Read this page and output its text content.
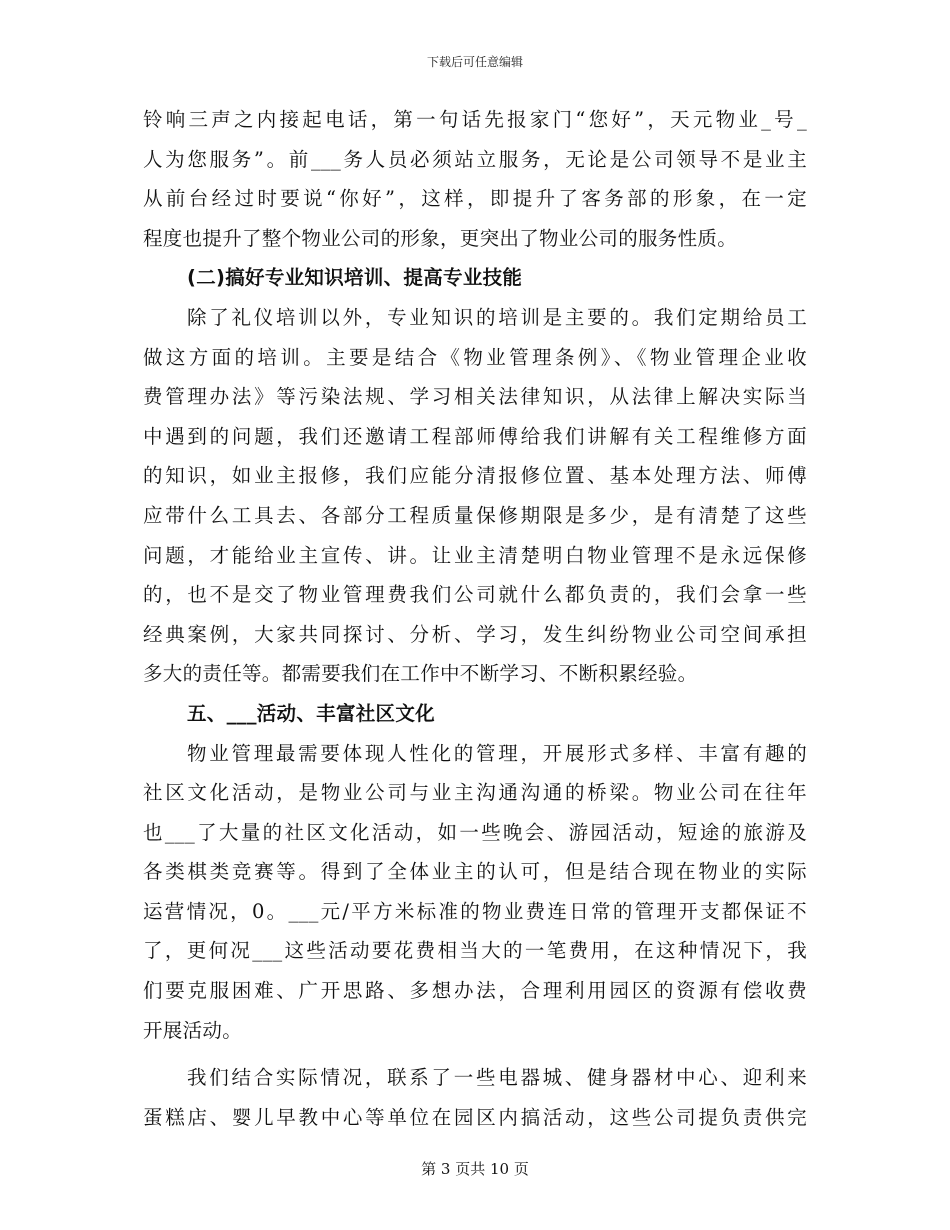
下载后可任意编辑
铃响三声之内接起电话，第一句话先报家门“您好”，天元物业_号_
人为您服务”。前___务人员必须站立服务，无论是公司领导不是业主
从前台经过时要说“你好”，这样，即提升了客务部的形象，在一定
程度也提升了整个物业公司的形象，更突出了物业公司的服务性质。
(二)搞好专业知识培训、提高专业技能
除了礼仪培训以外，专业知识的培训是主要的。我们定期给员工
做这方面的培训。主要是结合《物业管理条例》、《物业管理企业收
费管理办法》等污染法规、学习相关法律知识，从法律上解决实际当
中遇到的问题，我们还邀请工程部师傅给我们讲解有关工程维修方面
的知识，如业主报修，我们应能分清报修位置、基本处理方法、师傅
应带什么工具去、各部分工程质量保修期限是多少，是有清楚了这些
问题，才能给业主宣传、讲。让业主清楚明白物业管理不是永远保修
的，也不是交了物业管理费我们公司就什么都负责的，我们会拿一些
经典案例，大家共同探讨、分析、学习，发生纠纷物业公司空间承担
多大的责任等。都需要我们在工作中不断学习、不断积累经验。
五、___活动、丰富社区文化
物业管理最需要体现人性化的管理，开展形式多样、丰富有趣的
社区文化活动，是物业公司与业主沟通沟通的桥梁。物业公司在往年
也___了大量的社区文化活动，如一些晚会、游园活动，短途的旅游及
各类棋类竞赛等。得到了全体业主的认可，但是结合现在物业的实际
运营情况，0。___元/平方米标准的物业费连日常的管理开支都保证不
了，更何况___这些活动要花费相当大的一笔费用，在这种情况下，我
们要克服困难、广开思路、多想办法，合理利用园区的资源有偿收费
开展活动。
我们结合实际情况，联系了一些电器城、健身器材中心、迎利来
蛋糕店、婴儿早教中心等单位在园区内搞活动，这些公司提负责供完
第 3 页共 10 页
